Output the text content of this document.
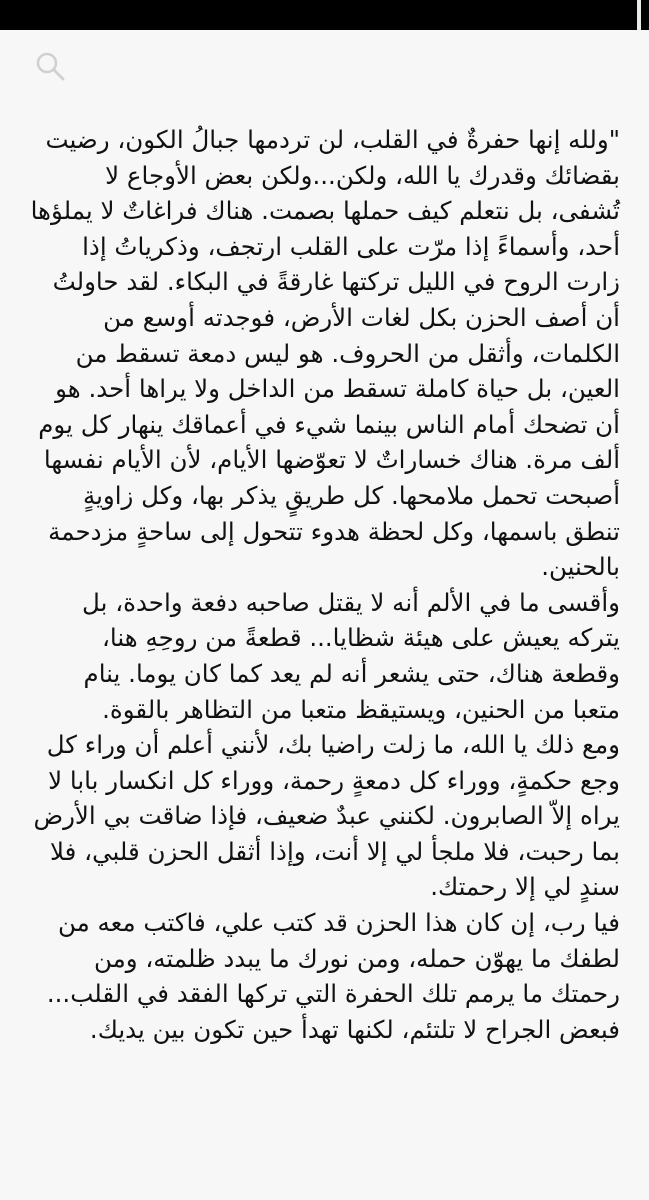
"ولله إنها حفرةٌ في القلب، لن تردمها جبالُ الكون، رضيت بقضائك وقدرك يا الله، ولكن...ولكن بعض الأوجاع لا تُشفى، بل نتعلم كيف حملها بصمت. هناك فراغاتٌ لا يملؤها أحد، وأسماءً إذا مرّت على القلب ارتجف، وذكرياتُ إذا زارت الروح في الليل تركتها غارقةً في البكاء. لقد حاولتُ أن أصف الحزن بكل لغات الأرض، فوجدته أوسع من الكلمات، وأثقل من الحروف. هو ليس دمعة تسقط من العين، بل حياة كاملة تسقط من الداخل ولا يراها أحد. هو أن تضحك أمام الناس بينما شيء في أعماقك ينهار كل يوم ألف مرة. هناك خساراتٌ لا تعوّضها الأيام، لأن الأيام نفسها أصبحت تحمل ملامحها. كل طريقٍ يذكر بها، وكل زاويةٍ تنطق باسمها، وكل لحظة هدوء تتحول إلى ساحةٍ مزدحمة بالحنين.

وأقسى ما في الألم أنه لا يقتل صاحبه دفعة واحدة، بل يتركه يعيش على هيئة شظايا... قطعةً من روحِهِ هنا، وقطعة هناك، حتى يشعر أنه لم يعد كما كان يوما. ينام متعبا من الحنين، ويستيقظ متعبا من التظاهر بالقوة.

ومع ذلك يا الله، ما زلت راضيا بك، لأنني أعلم أن وراء كل وجع حكمةٍ، ووراء كل دمعةٍ رحمة، ووراء كل انكسار بابا لا يراه إلاّ الصابرون. لكنني عبدٌ ضعيف، فإذا ضاقت بي الأرض بما رحبت، فلا ملجأ لي إلا أنت، وإذا أثقل الحزن قلبي، فلا سندٍ لي إلا رحمتك.

فيا رب، إن كان هذا الحزن قد كتب علي، فاكتب معه من لطفك ما يهوّن حمله، ومن نورك ما يبدد ظلمته، ومن رحمتك ما يرمم تلك الحفرة التي تركها الفقد في القلب...

فبعض الجراح لا تلتئم، لكنها تهدأ حين تكون بين يديك.
